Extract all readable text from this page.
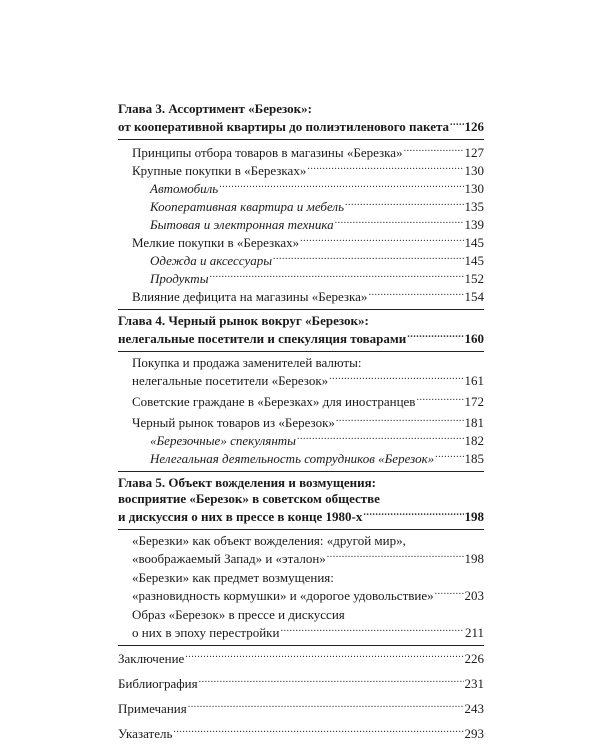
Глава 3. Ассортимент «Березок»:
от кооперативной квартиры до полиэтиленового пакета ..... 126
Принципы отбора товаров в магазины «Березка» .....	127
Крупные покупки в «Березках» .....	130
Автомобиль .....	130
Кооперативная квартира и мебель .....	135
Бытовая и электронная техника .....	139
Мелкие покупки в «Березках» .....	145
Одежда и аксессуары .....	145
Продукты .....	152
Влияние дефицита на магазины «Березка» .....	154
Глава 4. Черный рынок вокруг «Березок»:
нелегальные посетители и спекуляция товарами .....	160
Покупка и продажа заменителей валюты:
нелегальные посетители «Березок» .....	161
Советские граждане в «Березках» для иностранцев .....	172
Черный рынок товаров из «Березок» .....	181
«Березочные» спекулянты .....	182
Нелегальная деятельность сотрудников «Березок» ..... 185
Глава 5. Объект вожделения и возмущения:
восприятие «Березок» в советском обществе
и дискуссия о них в прессе в конце 1980-х .....	198
«Березки» как объект вожделения: «другой мир»,
«воображаемый Запад» и «эталон» .....	198
«Березки» как предмет возмущения:
«разновидность кормушки» и «дорогое удовольствие» ..... 203
Образ «Березок» в прессе и дискуссия
о них в эпоху перестройки .....	211
Заключение .....	226
Библиография .....	231
Примечания .....	243
Указатель .....	293
